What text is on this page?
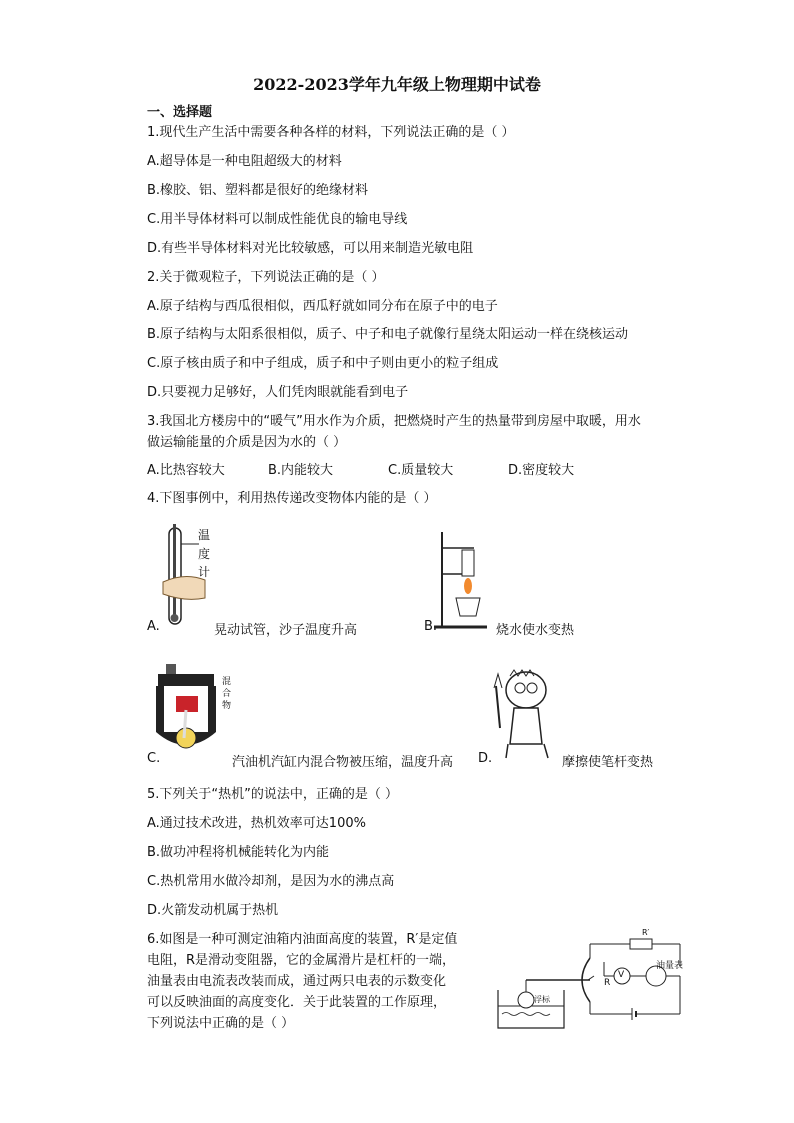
2022-2023学年九年级上物理期中试卷
一、选择题
1.现代生产生活中需要各种各样的材料，下列说法正确的是（ ）
A.超导体是一种电阻超级大的材料
B.橡胶、铝、塑料都是很好的绝缘材料
C.用半导体材料可以制成性能优良的输电导线
D.有些半导体材料对光比较敏感，可以用来制造光敏电阻
2.关于微观粒子，下列说法正确的是（ ）
A.原子结构与西瓜很相似，西瓜籽就如同分布在原子中的电子
B.原子结构与太阳系很相似，质子、中子和电子就像行星绕太阳运动一样在绕核运动
C.原子核由质子和中子组成，质子和中子则由更小的粒子组成
D.只要视力足够好，人们凭肉眼就能看到电子
3.我国北方楼房中的“暖气”用水作为介质，把燃烧时产生的热量带到房屋中取暖，用水
做运输能量的介质是因为水的（ ）
A.比热容较大	B.内能较大	C.质量较大	D.密度较大
4.下图事例中，利用热传递改变物体内能的是（ ）
温
度
计
A.	晃动试管，沙子温度升高	B.	烧水使水变热
混
合
物
C.	汽油机汽缸内混合物被压缩，温度升高 D.	摩擦使笔杆变热
5.下列关于“热机”的说法中，正确的是（ ）
A.通过技术改进，热机效率可达100%
B.做功冲程将机械能转化为内能
C.热机常用水做冷却剂，是因为水的沸点高
D.火箭发动机属于热机
6.如图是一种可测定油箱内油面高度的装置，R′是定值
电阻，R是滑动变阻器，它的金属滑片是杠杆的一端，
油量表由电流表改装而成，通过两只电表的示数变化
可以反映油面的高度变化．关于此装置的工作原理，
下列说法中正确的是（ ）
R′
R
V
油量表
浮标
